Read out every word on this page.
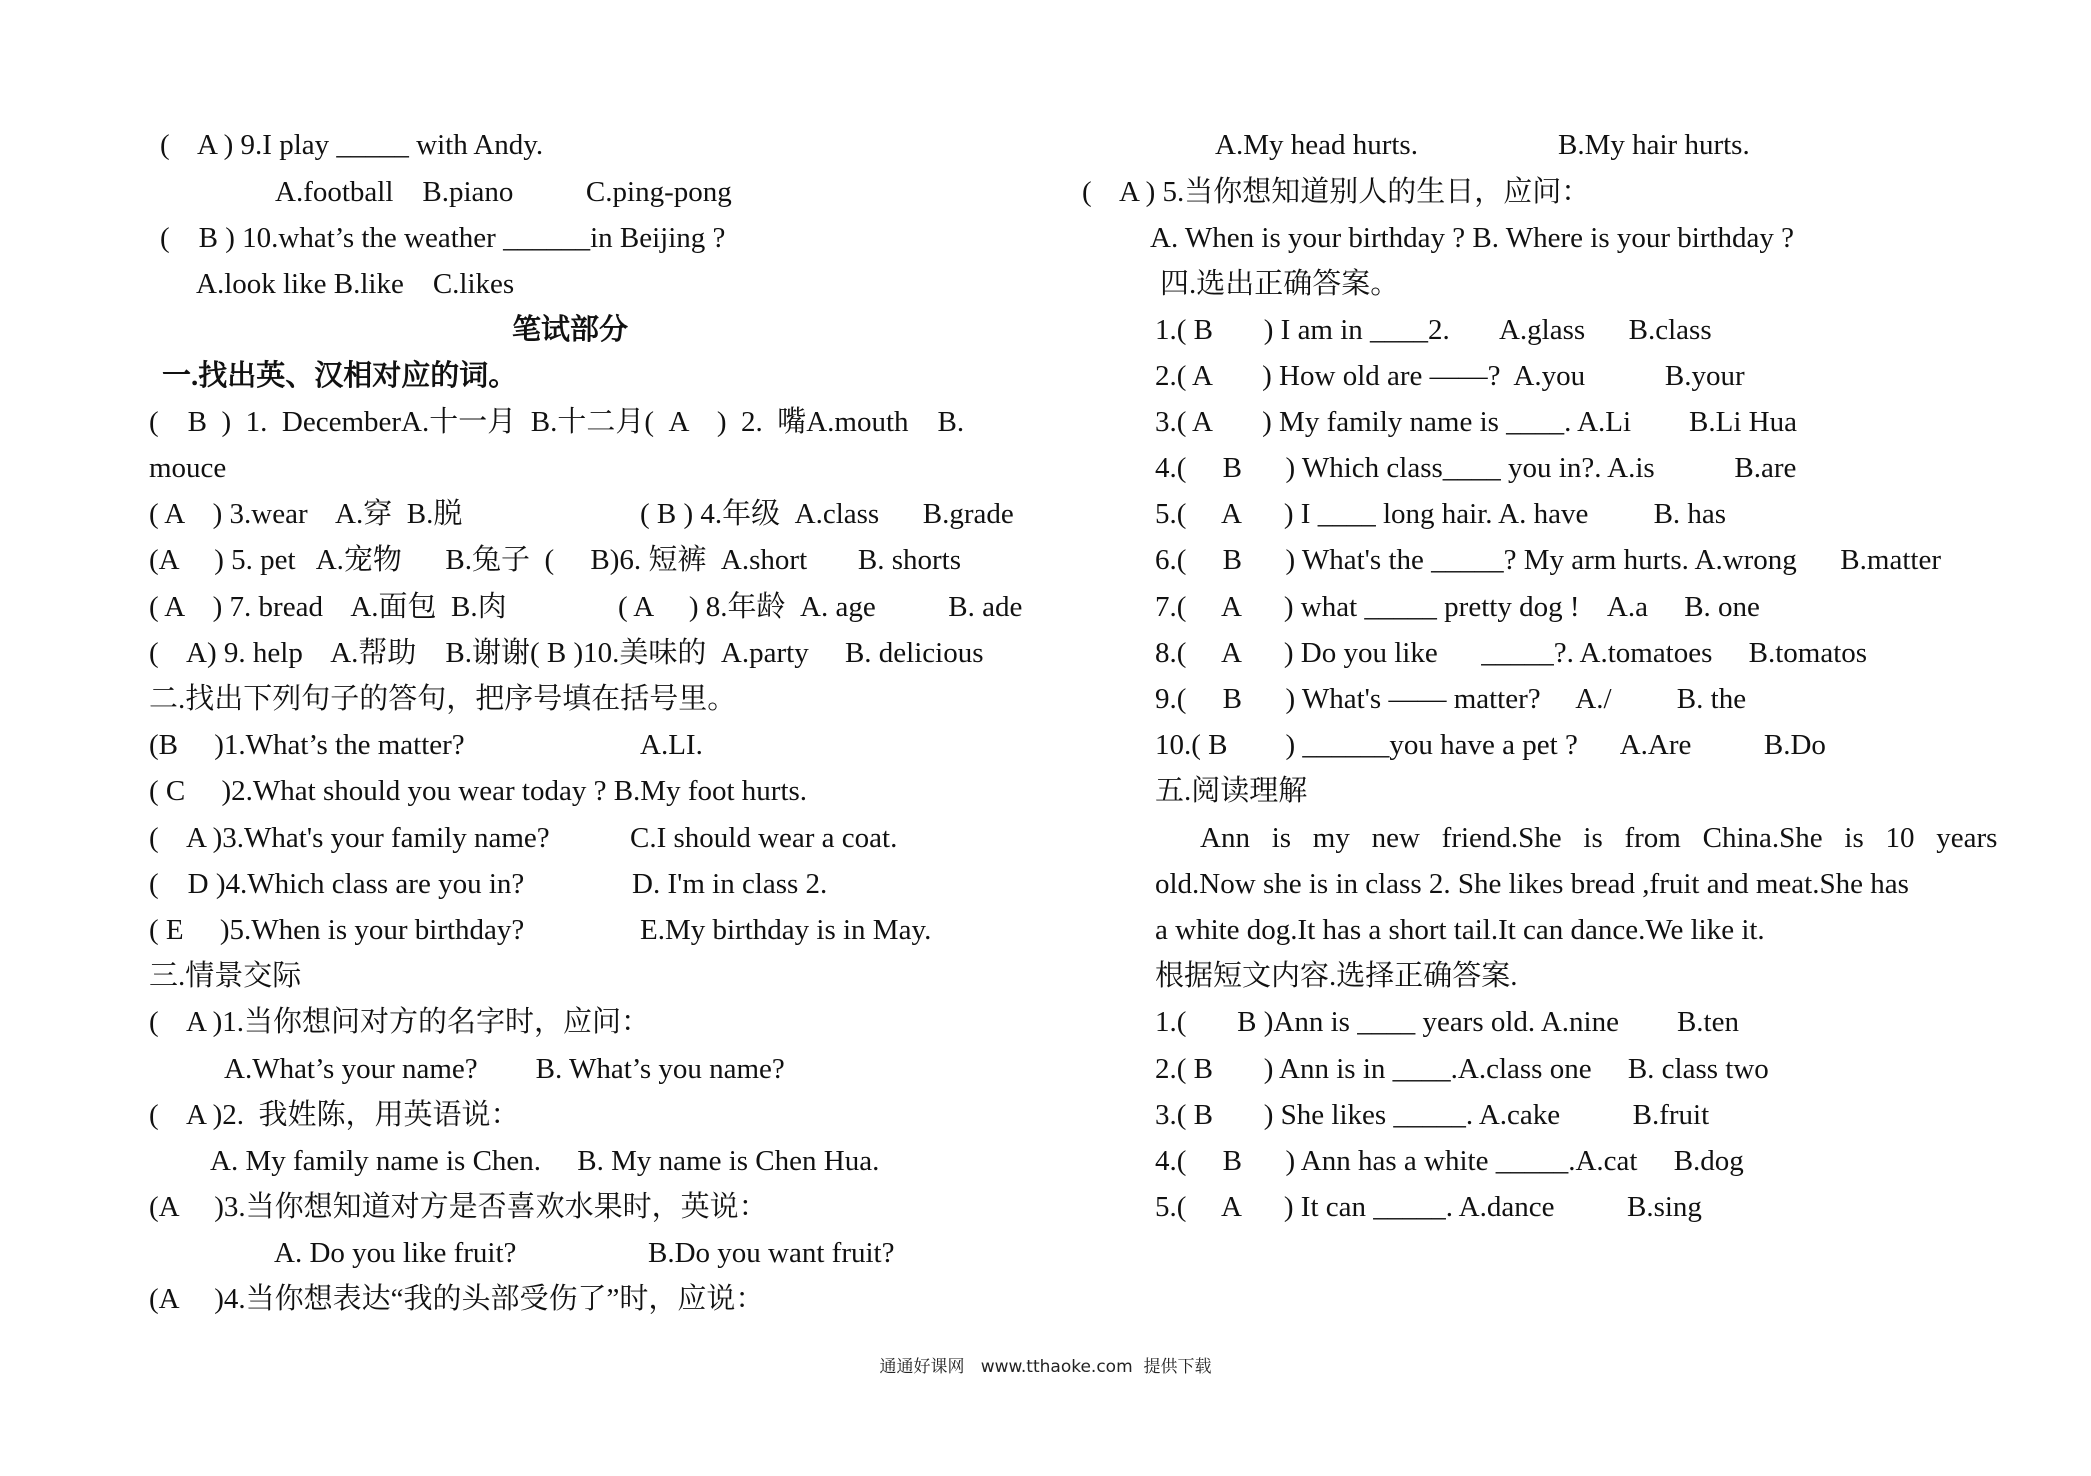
(    A ) 9.I play _____ with Andy.
A.football    B.piano          C.ping-pong
(    B ) 10.what’s the weather ______in Beijing ?
A.look like B.like    C.likes
笔试部分
一.找出英、汉相对应的词。
(    B  )  1.  DecemberA.十一月  B.十二月(  A    )  2.  嘴A.mouth    B.
mouce
( A    ) 3.wear    A.穿  B.脱	( B ) 4.年级  A.class      B.grade
(A     ) 5. pet   A.宠物      B.兔子  (     B)6. 短裤  A.short       B. shorts
( A    ) 7. bread    A.面包  B.肉	( A     ) 8.年龄  A. age          B. ade
(    A) 9. help    A.帮助    B.谢谢( B )10.美味的  A.party     B. delicious
二.找出下列句子的答句，把序号填在括号里。
(B     )1.What’s the matter?	A.LI.
( C     )2.What should you wear today ? B.My foot hurts.
(    A )3.What's your family name?	C.I should wear a coat.
(    D )4.Which class are you in?	D. I'm in class 2.
( E     )5.When is your birthday?	E.My birthday is in May.
三.情景交际
(    A )1.当你想问对方的名字时，应问：
A.What’s your name?        B. What’s you name?
(    A )2.  我姓陈，用英语说：
A. My family name is Chen.     B. My name is Chen Hua.
(A     )3.当你想知道对方是否喜欢水果时，英说：
A. Do you like fruit?	B.Do you want fruit?
(A     )4.当你想表达“我的头部受伤了”时，应说：
A.My head hurts.	B.My hair hurts.
(    A ) 5.当你想知道别人的生日，应问：
A. When is your birthday ? B. Where is your birthday ?
四.选出正确答案。
1.( B       ) I am in ____2.       A.glass      B.class
2.( A       ) How old are ——?  A.you           B.your
3.( A       ) My family name is ____. A.Li        B.Li Hua
4.(     B      ) Which class____ you in?. A.is           B.are
5.(     A      ) I ____ long hair. A. have         B. has
6.(     B      ) What's the _____? My arm hurts. A.wrong      B.matter
7.(     A      ) what _____ pretty dog !    A.a     B. one
8.(     A      ) Do you like      _____?. A.tomatoes     B.tomatos
9.(     B      ) What's —— matter?     A./         B. the
10.( B        ) ______you have a pet ?      A.Are          B.Do
五.阅读理解
Ann   is   my   new   friend.She   is   from   China.She   is   10   years
old.Now she is in class 2. She likes bread ,fruit and meat.She has
a white dog.It has a short tail.It can dance.We like it.
根据短文内容.选择正确答案.
1.(       B )Ann is ____ years old. A.nine        B.ten
2.( B       ) Ann is in ____.A.class one     B. class two
3.( B       ) She likes _____. A.cake          B.fruit
4.(     B      ) Ann has a white _____.A.cat     B.dog
5.(     A      ) It can _____. A.dance          B.sing
通通好课网   www.tthaoke.com  提供下载
